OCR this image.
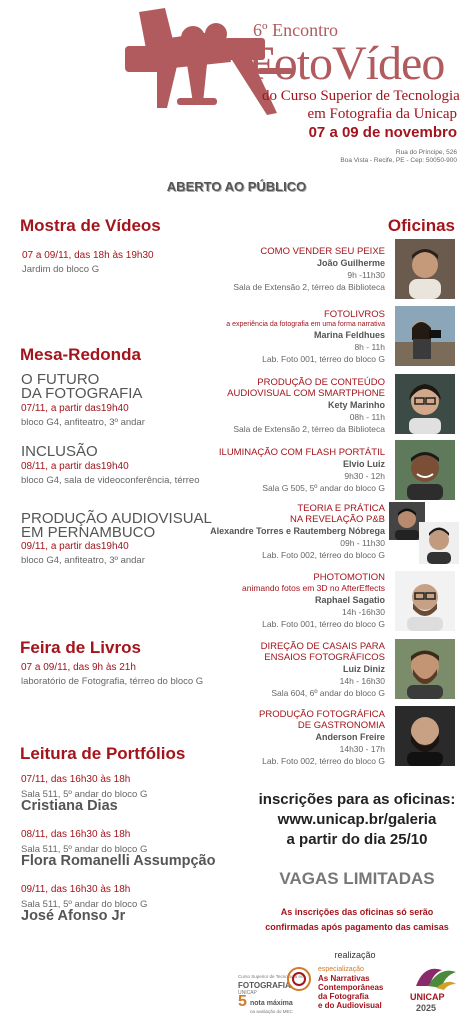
6º Encontro
FotoVídeo
do Curso Superior de Tecnologia
em Fotografia da Unicap
07 a 09 de novembro
Rua do Príncipe, 526
Boa Vista - Recife, PE - Cep: 50050-900
ABERTO AO PÚBLICO
Mostra de Vídeos
07 a 09/11, das 18h às 19h30
Jardim do bloco G
Mesa-Redonda
O FUTURO
DA FOTOGRAFIA
07/11, a partir das19h40
bloco G4, anfiteatro, 3º andar
INCLUSÃO
08/11, a partir das19h40
bloco G4, sala de videoconferência, térreo
PRODUÇÃO AUDIOVISUAL
EM PERNAMBUCO
09/11, a partir das19h40
bloco G4, anfiteatro, 3º andar
Feira de Livros
07 a 09/11, das 9h às 21h
laboratório de Fotografia, térreo do bloco G
Leitura de Portfólios
07/11, das 16h30 às 18h
Sala 511, 5º andar do bloco G
Cristiana Dias
08/11, das 16h30 às 18h
Sala 511, 5º andar do bloco G
Flora Romanelli Assumpção
09/11, das 16h30 às 18h
Sala 511, 5º andar do bloco G
José Afonso Jr
Oficinas
COMO VENDER SEU PEIXE
João Guilherme
9h -11h30
Sala de Extensão 2, térreo da Biblioteca
FOTOLIVROS
a experiência da fotografia em uma forma narrativa
Marina Feldhues
8h - 11h
Lab. Foto 001, térreo do bloco G
PRODUÇÃO DE CONTEÚDO
AUDIOVISUAL COM SMARTPHONE
Kety Marinho
08h - 11h
Sala de Extensão 2, térreo da Biblioteca
ILUMINAÇÃO COM FLASH PORTÁTIL
Elvio Luiz
9h30 - 12h
Sala G 505, 5º andar do bloco G
TEORIA E PRÁTICA
NA REVELAÇÃO P&B
Alexandre Torres e Rautemberg Nóbrega
09h - 11h30
Lab. Foto 002, térreo do bloco G
PHOTOMOTION
animando fotos em 3D no AfterEffects
Raphael Sagatio
14h -16h30
Lab. Foto 001, térreo do bloco G
DIREÇÃO DE CASAIS PARA
ENSAIOS FOTOGRÁFICOS
Luiz Diniz
14h - 16h30
Sala 604, 6º andar do bloco G
PRODUÇÃO FOTOGRÁFICA
DE GASTRONOMIA
Anderson Freire
14h30 - 17h
Lab. Foto 002, térreo do bloco G
inscrições para as oficinas:
www.unicap.br/galeria
a partir do dia 25/10
VAGAS LIMITADAS
As inscrições das oficinas só serão
confirmadas após pagamento das camisas
realização
Curso Superior de Tecnologia em
FOTOGRAFIA
UNICAP
5 nota máxima
na avaliação do MEC
especialização
As Narrativas
Contemporâneas
da Fotografia
e do Audiovisual
UNICAP
2025
